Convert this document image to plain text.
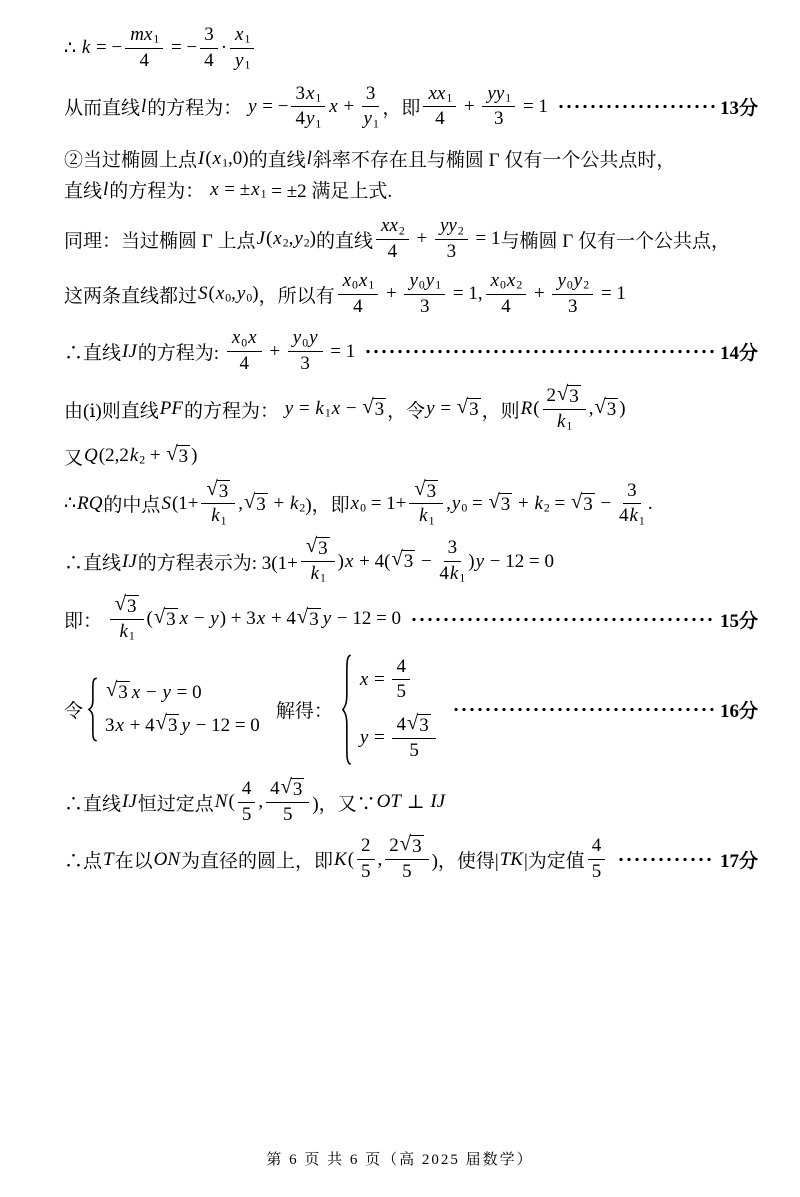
∴ k = − $\frac{mx 1}{4}$ = − $\frac{3}{4} \cdot \frac{x 1}{y 1}$
从而直线 l 的方程为： y = − $\frac{3 x 1}{4 y 1}$ $x + \frac{3}{y 1}$ ，即 $\frac{xx 1}{4} + \frac{yy 1}{3} = 1$	13分
②当过椭圆上点 I ( x 1 ,0) 的直线 l 斜率不存在且与椭圆 Γ 仅有一个公共点时，
直线 l 的方程为： x = ± x 1 = ±2 满足上式.
同理：当过椭圆 Γ 上点 J ( x 2 , y 2 ) 的直线 $\frac{xx 2}{4} + \frac{yy 2}{3} = 1$ 与椭圆 Γ 仅有一个公共点，
这两条直线都过 S ( x 0 , y 0 ) ，所以有 $\frac{x 0 x 1}{4} + \frac{y 0 y 1}{3} = 1$, $\frac{x 0 x 2}{4} + \frac{y 0 y 2}{3} = 1$
∴直线 IJ 的方程为: $\frac{x 0 x}{4} + \frac{y 0 y}{3} = 1$	14分
由(ⅰ)则直线 PF 的方程为： y = k 1 x − √ 3 ，令 y = √ 3 ，则 R ( $\frac{2 √ 3}{k 1}$ , √ 3 )
又 Q (2,2 k 2 + √ 3 )
∴ RQ 的中点 S ($1+ \frac{√ 3}{k 1}$ , √ 3 + k 2 )，即 x $0 = 1+ \frac{√ 3}{k 1}$ , y 0 = √ 3 + k 2 = √ $3 - \frac{3}{4 k 1}$ .
∴直线 IJ 的方程表示为: $3(1+ \frac{√ 3}{k 1}$ ) x + 4( √ $3 - \frac{3}{4 k 1}$ ) y − 12 = 0
即： $\frac{√ 3}{k 1}$ ( √ 3 x − y ) + 3 x + 4 √ 3 y − 12 = 0	15分
令
√ 3 x − y = 0
3 x + 4 √ 3 y − 12 = 0
解得：
$x = \frac{4}{5}$
$y = \frac{4 √ 3}{5}$
16分
∴直线 IJ 恒过定点 N ( $\frac{4}{5}$ , $\frac{4 √ 3}{5}$ )，又∵ OT ⊥ IJ
∴点 T 在以 ON 为直径的圆上，即 K ( $\frac{2}{5}$ , $\frac{2 √ 3}{5}$ )，使得| TK |为定值 $\frac{4}{5}$	17分
第 6 页 共 6 页（高 2025 届数学）
